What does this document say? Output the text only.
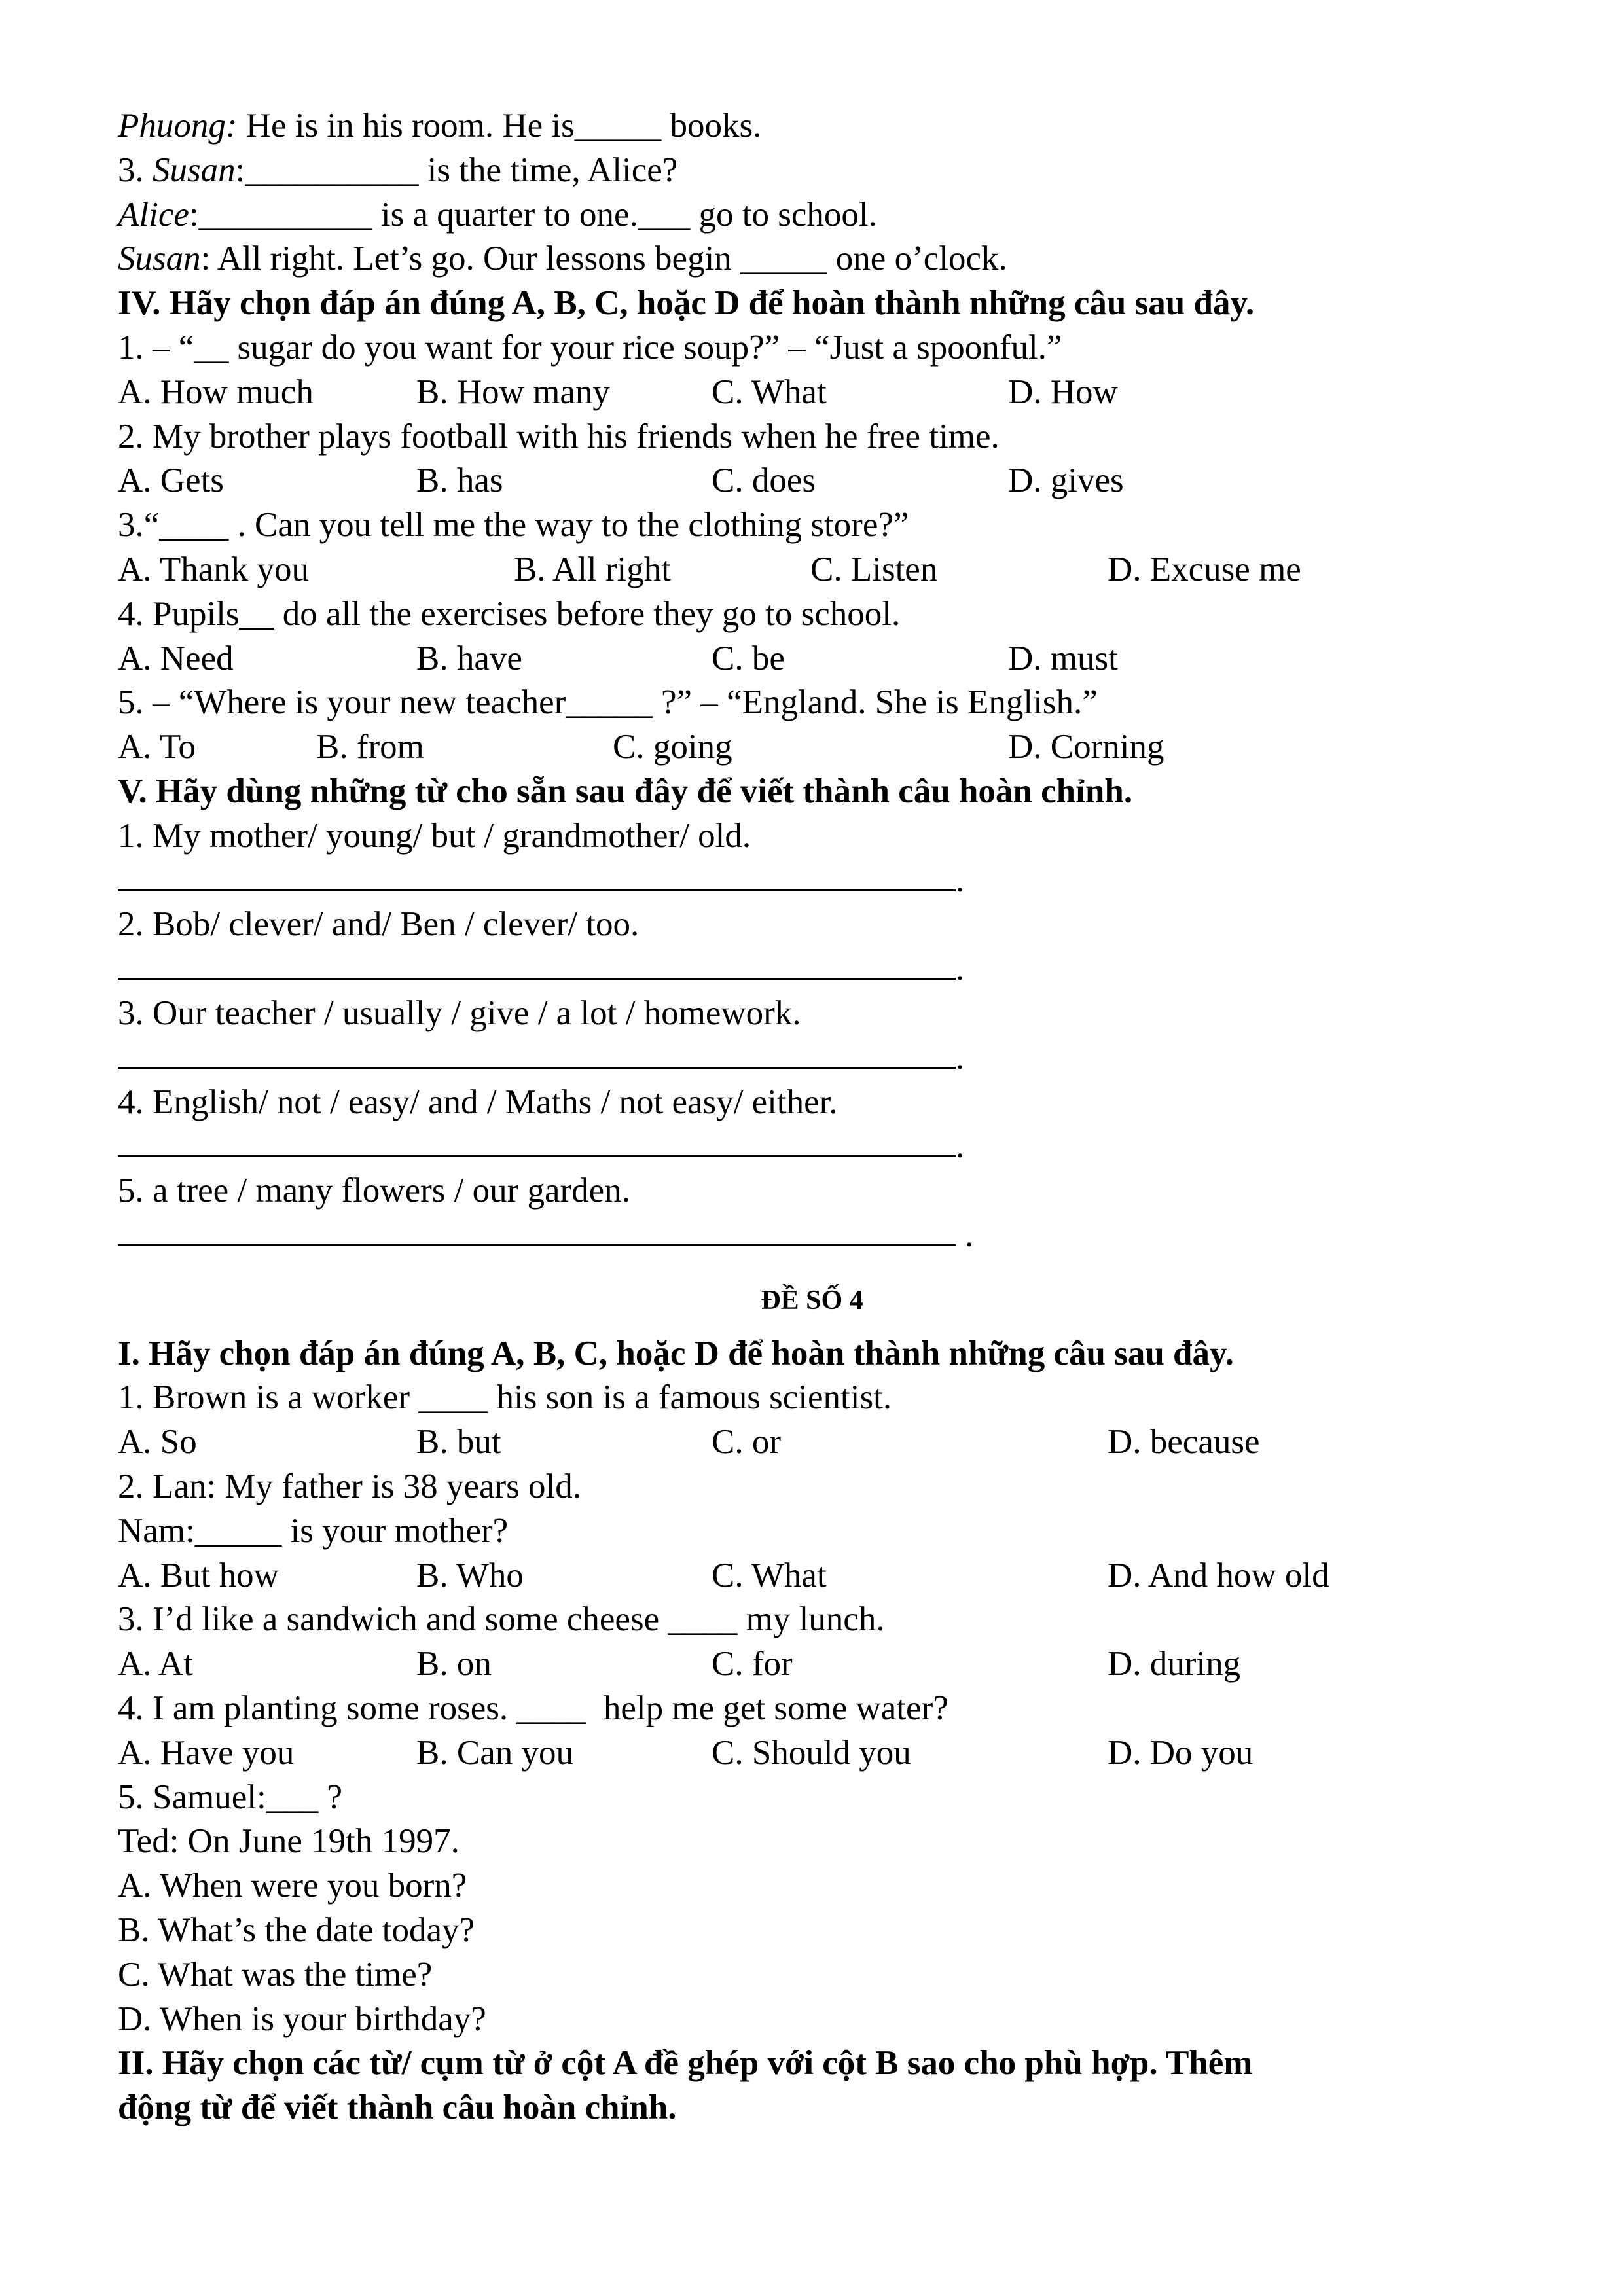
Phuong: He is in his room. He is_____ books.
3. Susan:__________ is the time, Alice?
Alice:__________ is a quarter to one.___ go to school.
Susan: All right. Let’s go. Our lessons begin _____ one o’clock.
IV. Hãy chọn đáp án đúng A, B, C, hoặc D để hoàn thành những câu sau đây.
1. – “__ sugar do you want for your rice soup?” – “Just a spoonful.”
A. How much	B. How many	C. What	D. How
2. My brother plays football with his friends when he free time.
A. Gets	B. has	C. does	D. gives
3.“____ . Can you tell me the way to the clothing store?”
A. Thank you	B. All right	C. Listen	D. Excuse me
4. Pupils__ do all the exercises before they go to school.
A. Need	B. have	C. be	D. must
5. – “Where is your new teacher_____ ?” – “England. She is English.”
A. To	B. from	C. going	D. Corning
V. Hãy dùng những từ cho sẵn sau đây để viết thành câu hoàn chỉnh.
1. My mother/ young/ but / grandmother/ old.
.
2. Bob/ clever/ and/ Ben / clever/ too.
.
3. Our teacher / usually / give / a lot / homework.
.
4. English/ not / easy/ and / Maths / not easy/ either.
.
5. a tree / many flowers / our garden.
.
ĐỀ SỐ 4
I. Hãy chọn đáp án đúng A, B, C, hoặc D để hoàn thành những câu sau đây.
1. Brown is a worker ____ his son is a famous scientist.
A. So	B. but	C. or	D. because
2. Lan: My father is 38 years old.
Nam:_____ is your mother?
A. But how	B. Who	C. What	D. And how old
3. I’d like a sandwich and some cheese ____ my lunch.
A. At	B. on	C. for	D. during
4. I am planting some roses. ____  help me get some water?
A. Have you	B. Can you	C. Should you	D. Do you
5. Samuel:___ ?
Ted: On June 19th 1997.
A. When were you born?
B. What’s the date today?
C. What was the time?
D. When is your birthday?
II. Hãy chọn các từ/ cụm từ ở cột A đề ghép với cột B sao cho phù hợp. Thêm
động từ để viết thành câu hoàn chỉnh.
